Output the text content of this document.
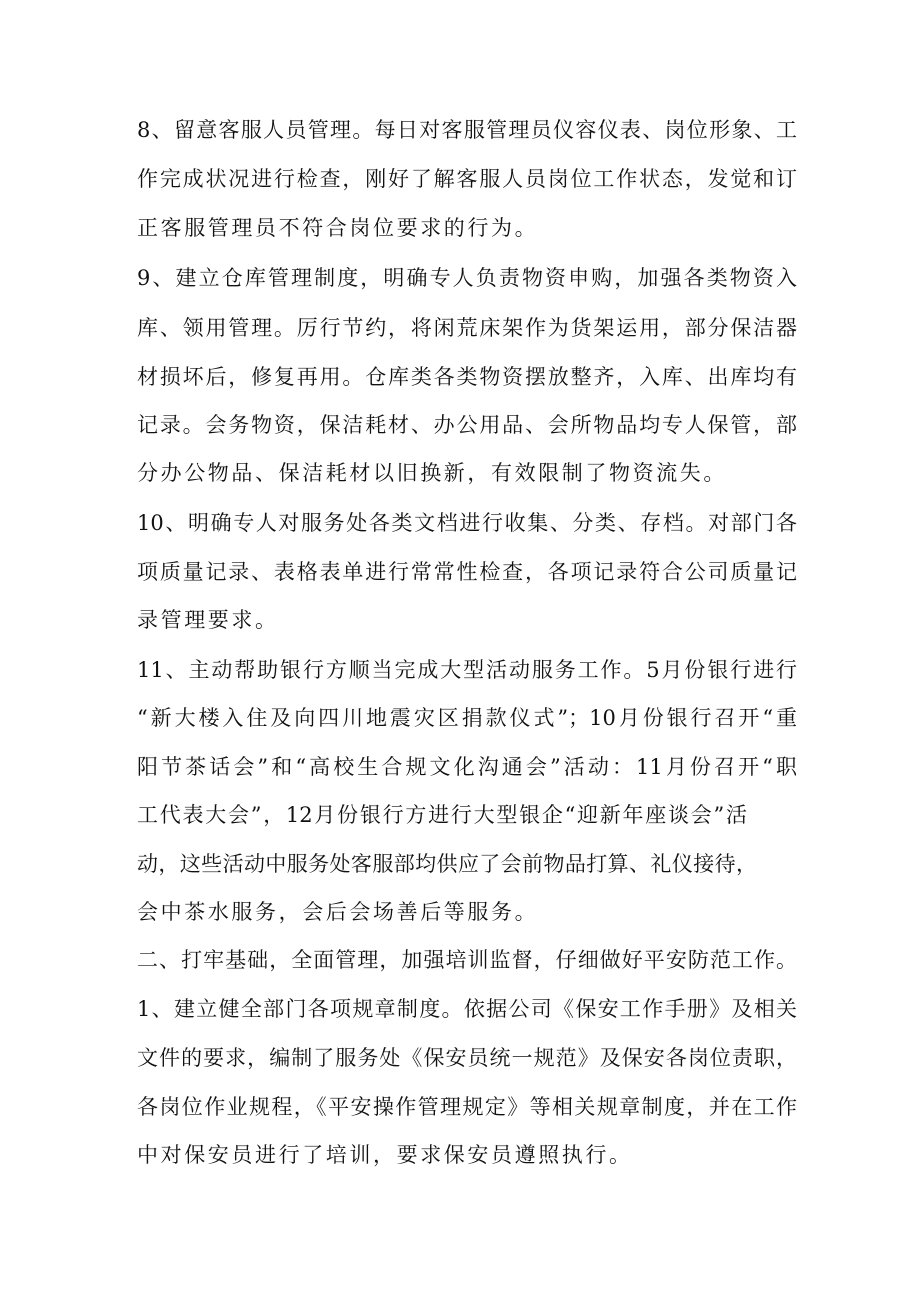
8、留意客服人员管理。每日对客服管理员仪容仪表、岗位形象、工
作完成状况进行检查，刚好了解客服人员岗位工作状态，发觉和订
正客服管理员不符合岗位要求的行为。
9、建立仓库管理制度，明确专人负责物资申购，加强各类物资入
库、领用管理。厉行节约，将闲荒床架作为货架运用，部分保洁器
材损坏后，修复再用。仓库类各类物资摆放整齐，入库、出库均有
记录。会务物资，保洁耗材、办公用品、会所物品均专人保管，部
分办公物品、保洁耗材以旧换新，有效限制了物资流失。
10、明确专人对服务处各类文档进行收集、分类、存档。对部门各
项质量记录、表格表单进行常常性检查，各项记录符合公司质量记
录管理要求。
11、主动帮助银行方顺当完成大型活动服务工作。5月份银行进行
“新大楼入住及向四川地震灾区捐款仪式”；10月份银行召开“重
阳节茶话会”和“高校生合规文化沟通会”活动：11月份召开“职
工代表大会”，12月份银行方进行大型银企“迎新年座谈会”活
动，这些活动中服务处客服部均供应了会前物品打算、礼仪接待，
会中茶水服务，会后会场善后等服务。
二、打牢基础，全面管理，加强培训监督，仔细做好平安防范工作。
1、建立健全部门各项规章制度。依据公司《保安工作手册》及相关
文件的要求，编制了服务处《保安员统一规范》及保安各岗位责职，
各岗位作业规程，《平安操作管理规定》等相关规章制度，并在工作
中对保安员进行了培训，要求保安员遵照执行。
